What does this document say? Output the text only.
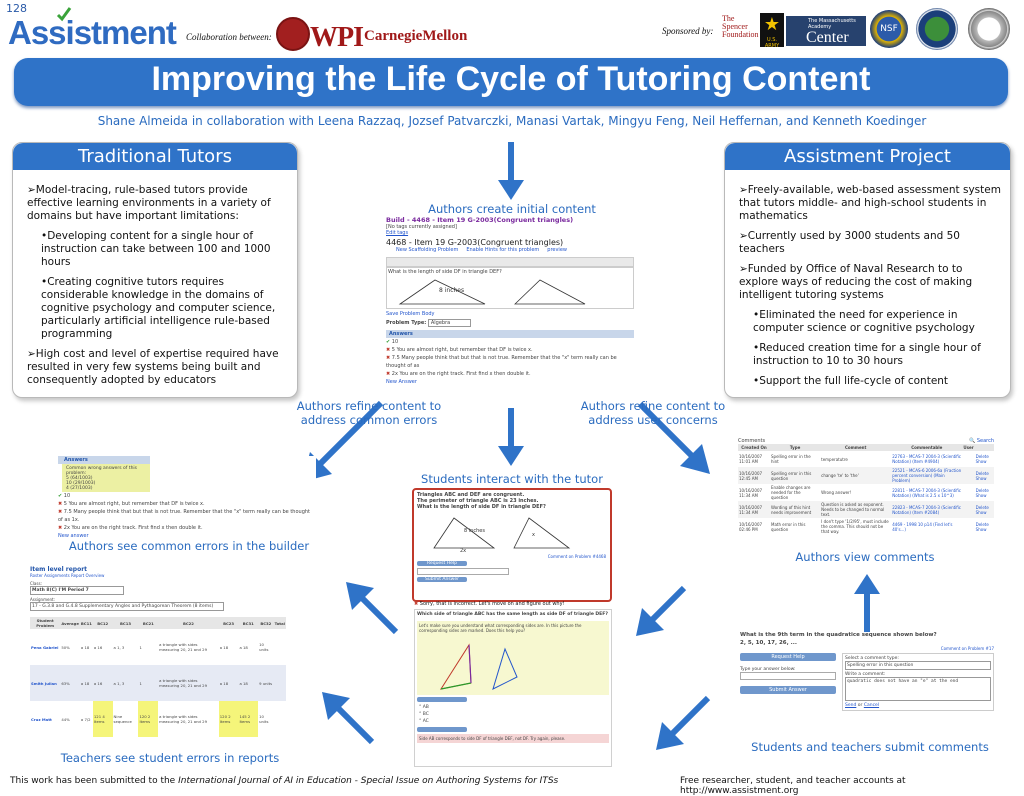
128
Assistment Collaboration between: WPI CarnegieMellon	Sponsored by:
The Spencer Foundation ★
U.S. ARMY
The Massachusetts Academy
Center	NSF
Improving the Life Cycle of Tutoring Content
Shane Almeida in collaboration with Leena Razzaq, Jozsef Patvarczki, Manasi Vartak, Mingyu Feng, Neil Heffernan, and Kenneth Koedinger
Traditional Tutors

➢Model-tracing, rule-based tutors provide effective learning environments in a variety of domains but have important limitations:

•Developing content for a single hour of instruction can take between 100 and 1000 hours

•Creating cognitive tutors requires considerable knowledge in the domains of cognitive psychology and computer science, particularly artificial intelligence rule-based programming

➢High cost and level of expertise required have resulted in very few systems being built and consequently adopted by educators

Assistment Project

➢Freely-available, web-based assessment system that tutors middle- and high-school students in mathematics

➢Currently used by 3000 students and 50 teachers

➢Funded by Office of Naval Research to to explore ways of reducing the cost of making intelligent tutoring systems

•Eliminated the need for experience in computer science or cognitive psychology

•Reduced creation time for a single hour of instruction to 10 to 30 hours

•Support the full life-cycle of content

Authors create initial content
Authors refine content to address common errors
Authors refine content to address user concerns
Students interact with the tutor
Authors see common errors in the builder
Authors view comments
Teachers see student errors in reports
Students and teachers submit comments
Build - 4468 - Item 19 G-2003(Congruent triangles)
[No tags currently assigned]
Edit tags
4468 - Item 19 G-2003(Congruent triangles)
New Scaffolding Problem Enable Hints for this problem preview
What is the length of side DF in triangle DEF?
8 inches
Save Problem Body
Problem Type: Algebra
Answers
✔ 10
✖ 5 You are almost right, but remember that DF is twice x.
✖ 7.5 Many people think that but that is not true. Remember that the "x" term really can be thought of as
✖ 2x You are on the right track. First find x then double it.
New Answer
Answers
Common wrong answers of this problem:
5 (64/1003)
10 (29/1003)
4 (27/1003)
✔ 10
✖ 5 You are almost right, but remember that DF is twice x.
✖ 7.5 Many people think that but that is not true. Remember that the "x" term really can be thought of as 1x.
✖ 2x You are on the right track. First find x then double it.
New answer
Triangles ABC and DEF are congruent.
The perimeter of triangle ABC is 23 inches.
What is the length of side DF in triangle DEF?
8 inches
2x
x
Comment on Problem #4468
Request Help
Submit Answer
✖ Sorry, that is incorrect. Let's move on and figure out why!
Which side of triangle ABC has the same length as side DF of triangle DEF?
Let's make sure you understand what corresponding sides are. In this picture the corresponding sides are marked. Does this help you?
° AB
° BC
° AC
Side AB corresponds to side DF of triangle DEF, not DF. Try again, please.
Comments	🔍 Search
Created On	Type	Comment	Commentable	User	
10/16/2007 11:01 AM	Spelling error in the hint	temperatutre	22763 - MCAS-7 2004-3 (Scientific Notation) (Item #4904)		Delete Show
10/16/2007 12:45 AM	Spelling error in this question	change 'te' to 'the'	22521 - MCAS-6 2006-6a (Fraction percent conversion) (Main Problem)		Delete Show
10/16/2007 11:34 AM	Enable changes are needed for the question	Wrong answer!	22811 - MCAS-7 2004-3 (Scientific Notation) (What is 2.5 x 10^3)		Delete Show
10/16/2007 11:34 AM	Wording of this hint needs improvement	Question is asked as exponent. Needs to be changed to normal text.	22823 - MCAS-7 2004-3 (Scientific Notation) (Item #2084)		Delete Show
10/16/2007 02:46 PM	Math error in this question	I don't type '1/2/95', must include the comma. This should not be that way.	4469 - 1998 10 p14 (Find let's 40's...)		Delete Show
Item level report
Roster Assignments Report Overview
Class:
Math 8(C) I'M Period 7
Assignment:
17 - G.3.8 and G.4.8 Supplementary Angles and Pythagorean Theorem (8 items)
Student Problem	Average	BC11	BC12	BC13	BC21	BC22	BC23	BC31	BC32	Total
Pena Gabriel	50%	a 18	a 16	a 1, 3	1	a triangle with sides measuring 20, 21 and 29	a 18	a 18	10 units	
Smith Julian	63%	a 18	a 16	a 1, 3	1	a triangle with sides measuring 20, 21 and 29	a 18	a 18	9 units	
Cruz Matt	44%	a 7/2	121 4 Items	Nine sequence	120 2 Items	a triangle with sides measuring 20, 21 and 29	120 2 Items	145 2 Items	10 units	
What is the 9th term in the quadratice sequence shown below?
2, 5, 10, 17, 26, ...
Comment on Problem #17
Request Help
Type your answer below:
Submit Answer
Select a comment type:
Spelling error in this question
Write a comment:
quadratic does not have an "e" at the end
Send or Cancel
This work has been submitted to the International Journal of AI in Education - Special Issue on Authoring Systems for ITSs	Free researcher, student, and teacher accounts at http://www.assistment.org
